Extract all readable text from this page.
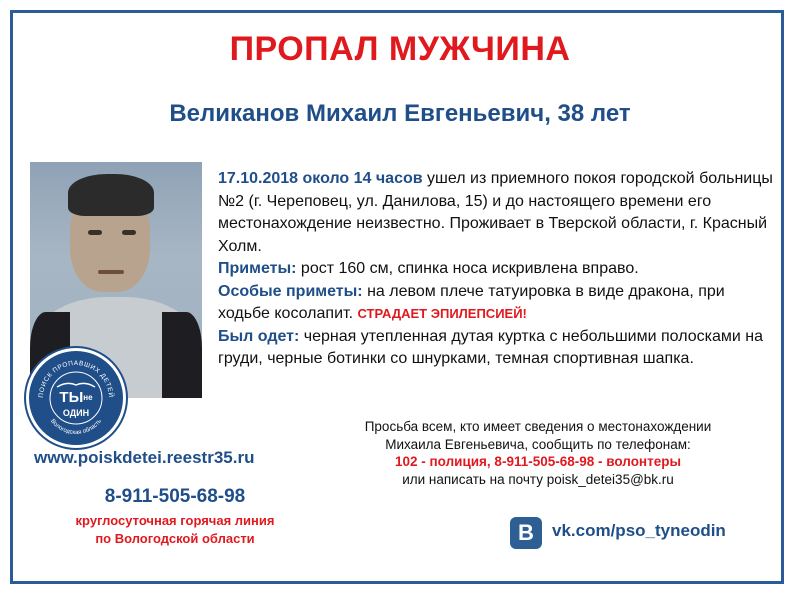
ПРОПАЛ МУЖЧИНА
Великанов Михаил Евгеньевич, 38 лет
ПОИСК ПРОПАВШИХ ДЕТЕЙ
Вологодская область
$ТЫ^{не}$
ОДИН
17.10.2018 около 14 часов ушел из приемного покоя городской больницы №2 (г. Череповец, ул. Данилова, 15) и до настоящего времени его местонахождение неизвестно. Проживает в Тверской области, г. Красный Холм.
Приметы: рост 160 см, спинка носа искривлена вправо.
Особые приметы: на левом плече татуировка в виде дракона, при ходьбе косолапит. СТРАДАЕТ ЭПИЛЕПСИЕЙ!
Был одет: черная утепленная дутая куртка с небольшими полосками на груди, черные ботинки со шнурками, темная спортивная шапка.
www.poiskdetei.reestr35.ru
8-911-505-68-98
круглосуточная горячая линия
по Вологодской области
Просьба всем, кто имеет сведения о местонахождении
Михаила Евгеньевича, сообщить по телефонам:
102 - полиция, 8-911-505-68-98 - волонтеры
или написать на почту poisk_detei35@bk.ru
B	vk.com/pso_tyneodin
